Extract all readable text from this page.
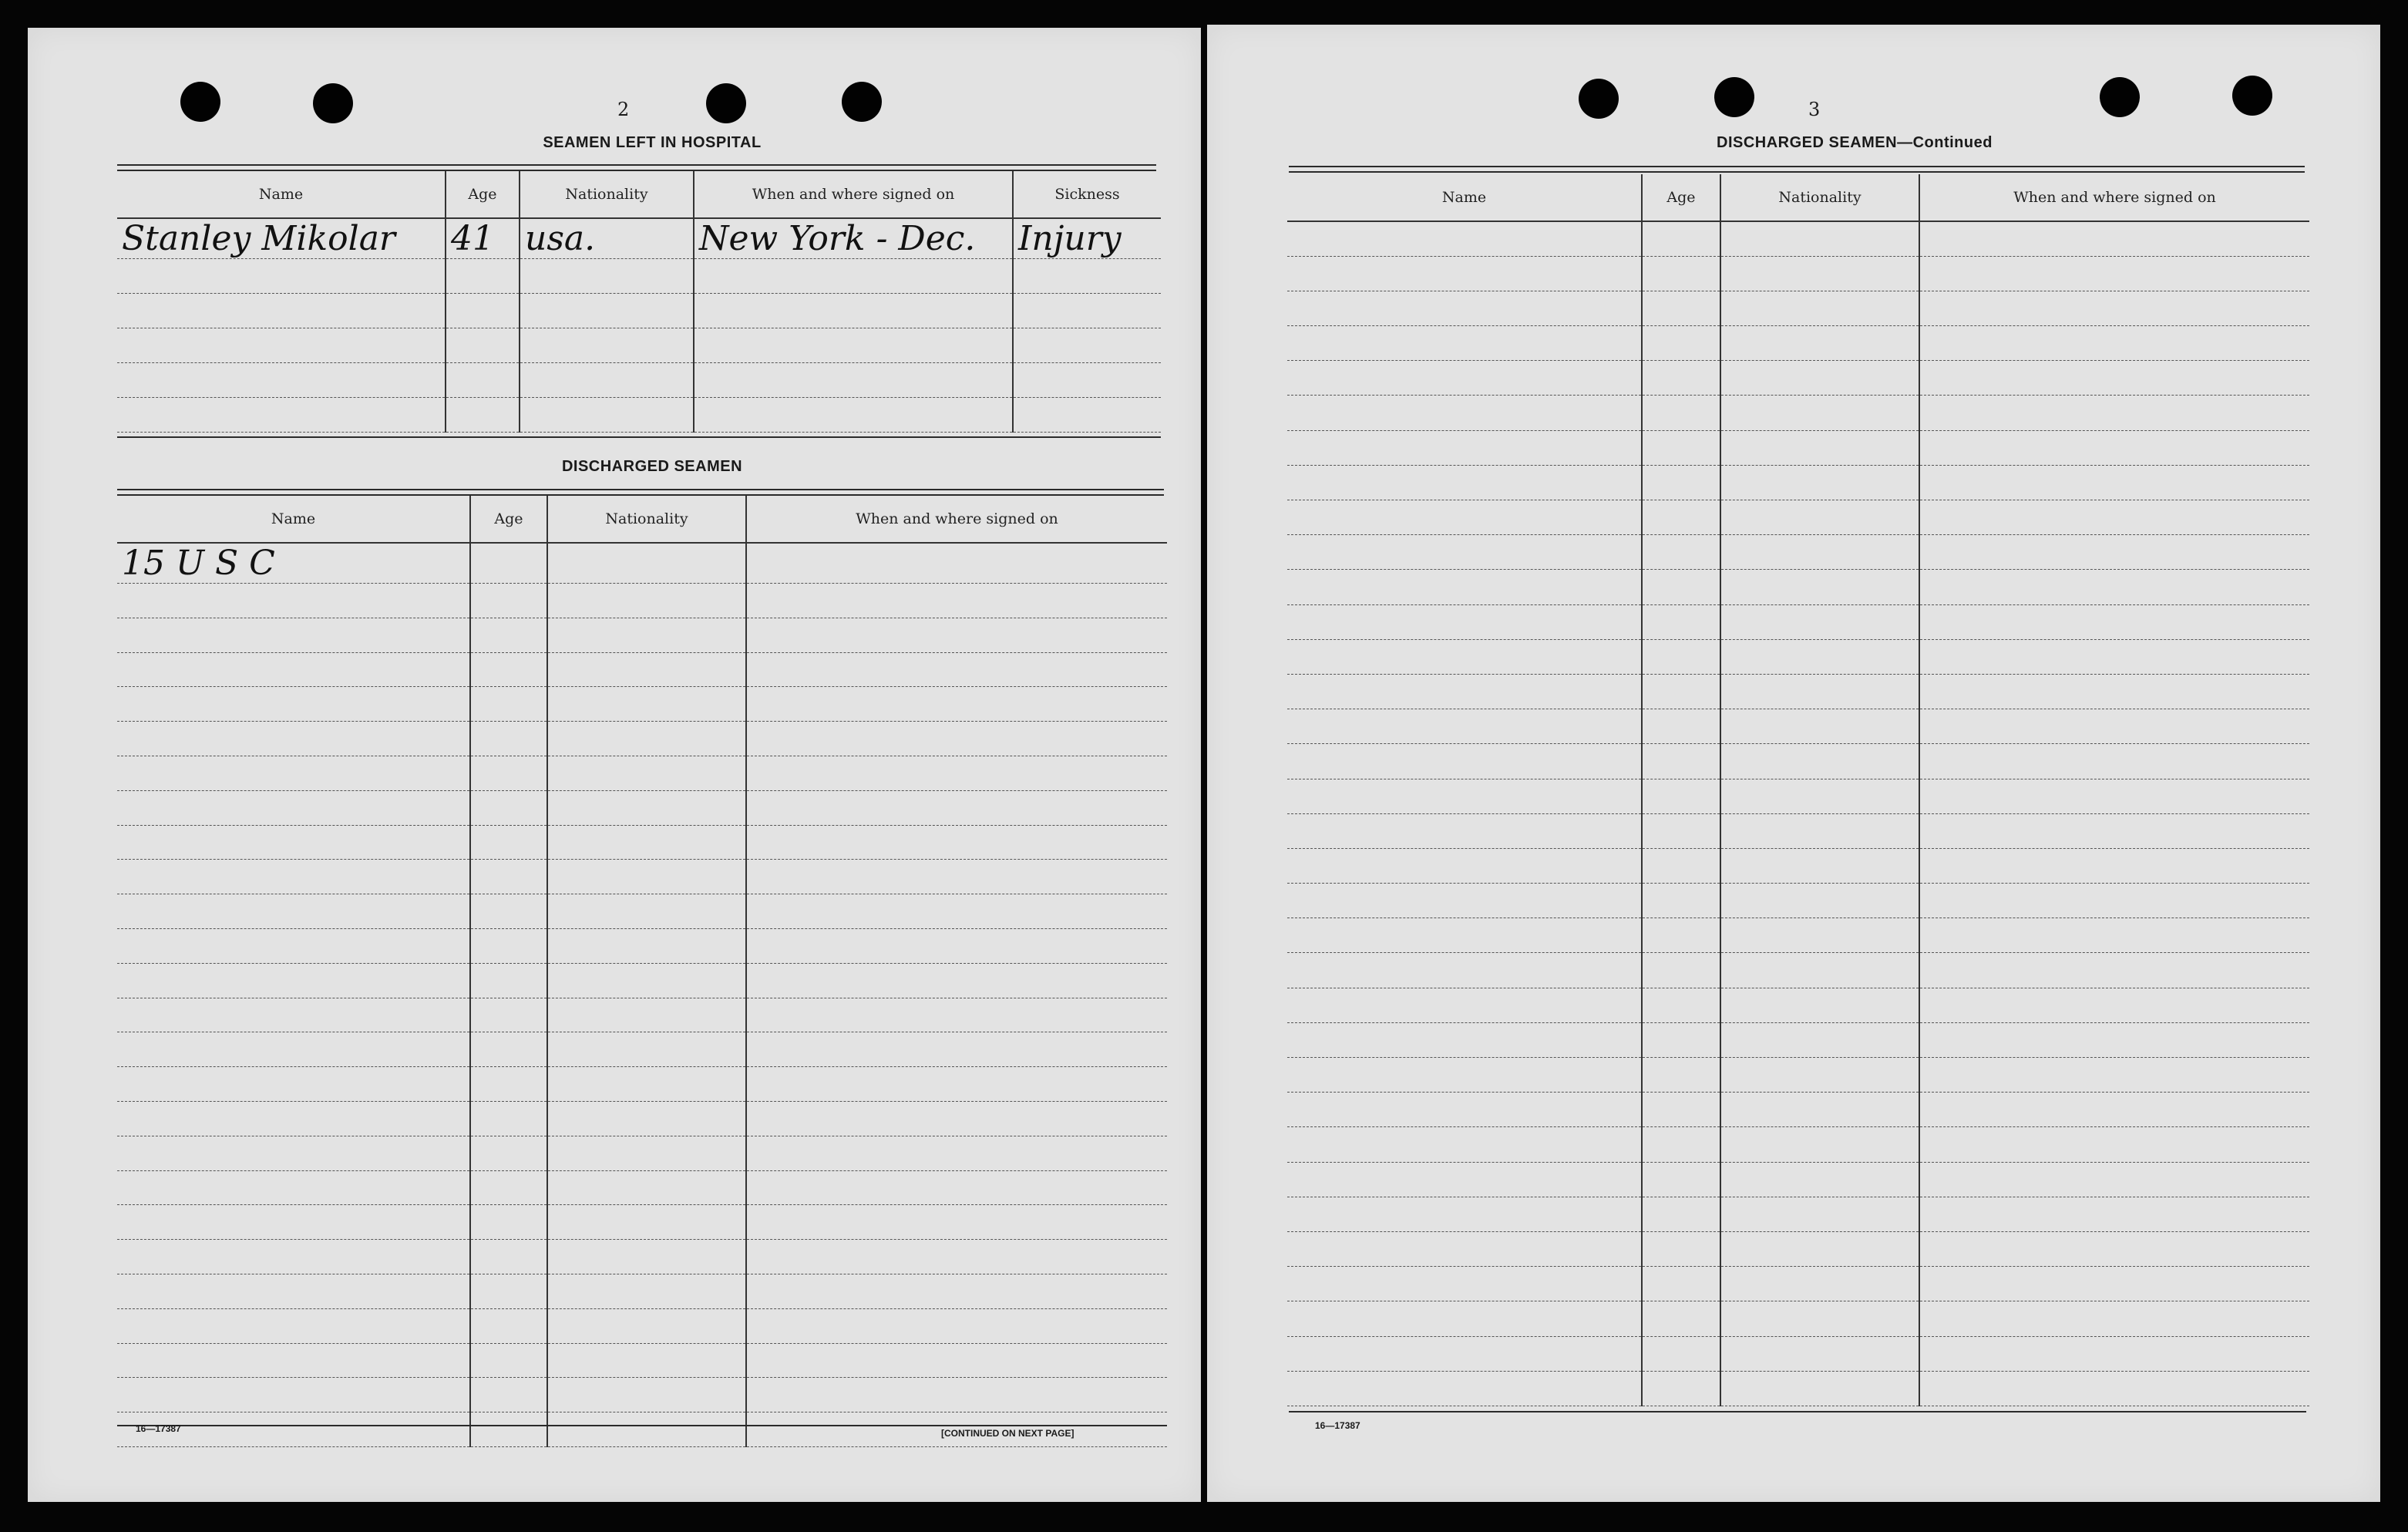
2
SEAMEN LEFT IN HOSPITAL
Name	Age	Nationality	When and where signed on	Sickness
Stanley Mikolar	41	usa.	New York - Dec.	Injury

DISCHARGED SEAMEN
Name	Age	Nationality	When and where signed on
15 U S C			

16—17387	[CONTINUED ON NEXT PAGE]
3
DISCHARGED SEAMEN—Continued
Name	Age	Nationality	When and where signed on

16—17387
